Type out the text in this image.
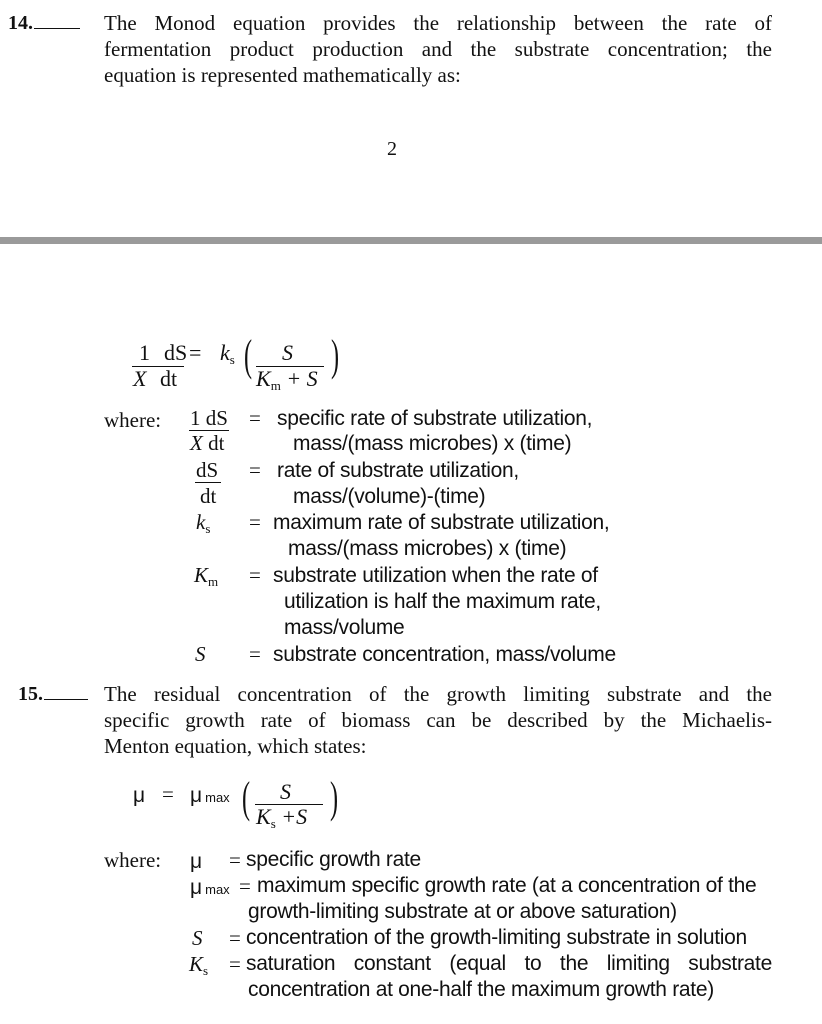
14.	The Monod equation provides the relationship between the rate of
fermentation product production and the substrate concentration; the
equation is represented mathematically as:
2
1 dS
X dt
= $k_s$ ( S
$K_m + S$ )
where: 1 dS
X dt
= specific rate of substrate utilization,
mass/(mass microbes) x (time)
dS
dt
= rate of substrate utilization,
mass/(volume)-(time)
$k_s$ = maximum rate of substrate utilization,
mass/(mass microbes) x (time)
$K_m$ = substrate utilization when the rate of
utilization is half the maximum rate,
mass/volume
S = substrate concentration, mass/volume
15.	The residual concentration of the growth limiting substrate and the
specific growth rate of biomass can be described by the Michaelis-
Menton equation, which states:
μ = μmax ( S
$K_s +S$ )
where: μ = specific growth rate
μmax = maximum specific growth rate (at a concentration of the
growth-limiting substrate at or above saturation)
S = concentration of the growth-limiting substrate in solution
$K_s$ = saturation constant (equal to the limiting substrate
concentration at one-half the maximum growth rate)
